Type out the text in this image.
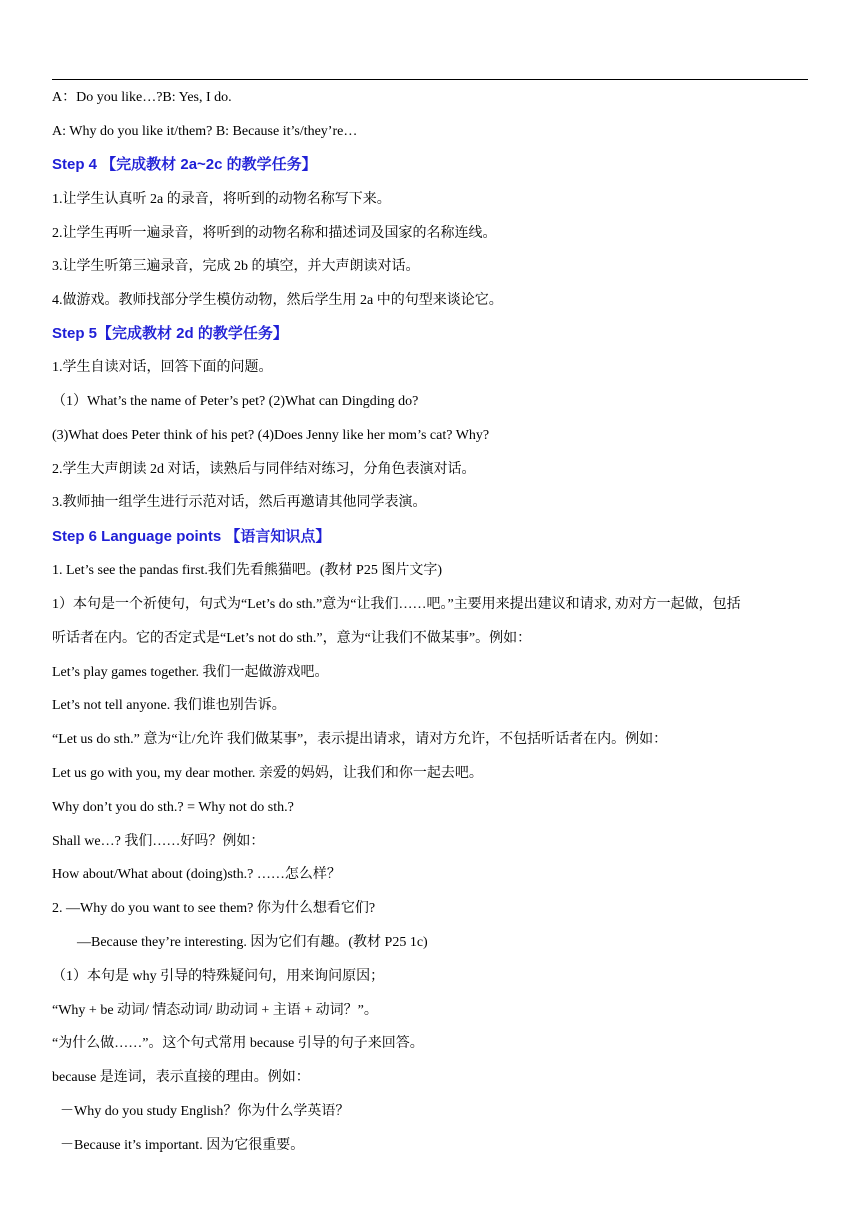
A：Do you like…?B: Yes, I do.
A: Why do you like it/them? B: Because it’s/they’re…
Step 4 【完成教材 2a~2c 的教学任务】
1.让学生认真听 2a 的录音，将听到的动物名称写下来。
2.让学生再听一遍录音，将听到的动物名称和描述词及国家的名称连线。
3.让学生听第三遍录音，完成 2b 的填空，并大声朗读对话。
4.做游戏。教师找部分学生模仿动物，然后学生用 2a 中的句型来谈论它。
Step 5【完成教材 2d 的教学任务】
1.学生自读对话，回答下面的问题。
（1）What’s the name of Peter’s pet? (2)What can Dingding do?
(3)What does Peter think of his pet? (4)Does Jenny like her mom’s cat? Why?
2.学生大声朗读 2d 对话，读熟后与同伴结对练习，分角色表演对话。
3.教师抽一组学生进行示范对话，然后再邀请其他同学表演。
Step 6 Language points 【语言知识点】
1. Let’s see the pandas first.我们先看熊猫吧。(教材 P25 图片文字)
1）本句是一个祈使句，句式为“Let’s do sth.”意为“让我们……吧。”主要用来提出建议和请求, 劝对方一起做，包括
听话者在内。它的否定式是“Let’s not do sth.”，意为“让我们不做某事”。例如：
Let’s play games together. 我们一起做游戏吧。
Let’s not tell anyone. 我们谁也别告诉。
“Let us do sth.” 意为“让/允许 我们做某事”，表示提出请求，请对方允许，不包括听话者在内。例如：
Let us go with you, my dear mother. 亲爱的妈妈，让我们和你一起去吧。
Why don’t you do sth.? = Why not do sth.?
Shall we…? 我们……好吗？例如：
How about/What about (doing)sth.? ……怎么样？
2. —Why do you want to see them? 你为什么想看它们?
—Because they’re interesting. 因为它们有趣。(教材 P25 1c)
（1）本句是 why 引导的特殊疑问句，用来询问原因；
“Why + be 动词/ 情态动词/ 助动词 + 主语 + 动词？”。
“为什么做……”。这个句式常用 because 引导的句子来回答。
because 是连词，表示直接的理由。例如：
－Why do you study English？你为什么学英语？
－Because it’s important. 因为它很重要。
